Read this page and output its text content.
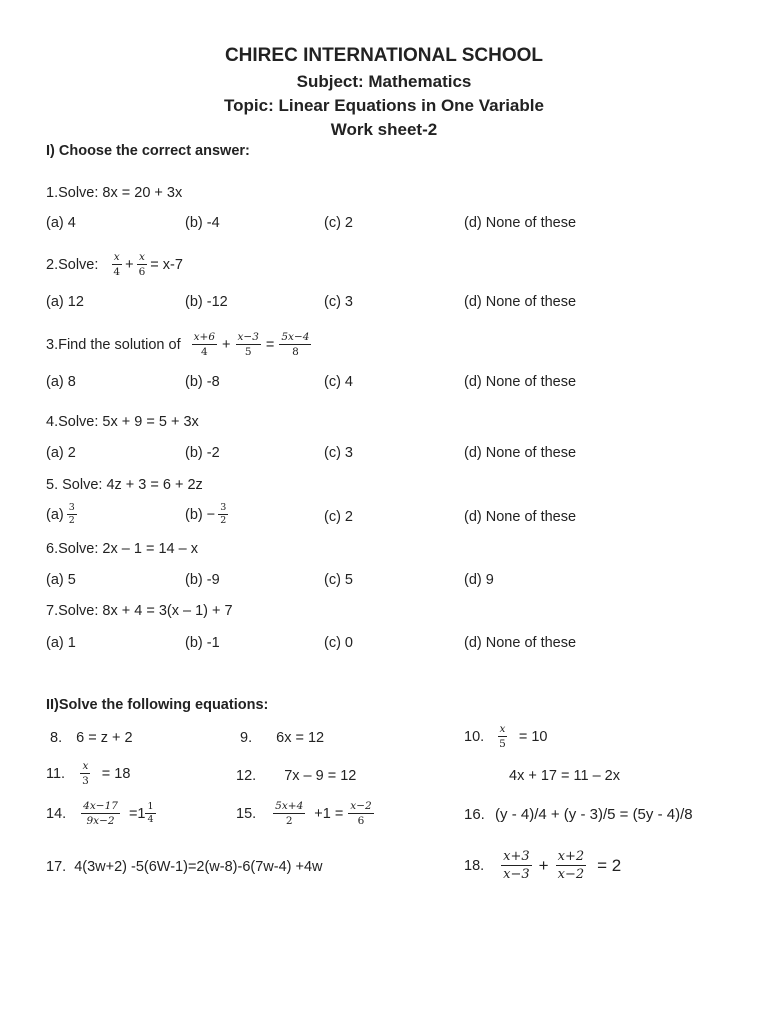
CHIREC INTERNATIONAL SCHOOL
Subject: Mathematics
Topic: Linear Equations in One Variable
Work sheet-2
I) Choose the correct answer:
1.Solve: 8x = 20 + 3x
(a) 4	(b) -4	(c) 2	(d) None of these
2.Solve: $\frac{x}{4} + \frac{x}{6} = x-7$
(a) 12	(b) -12	(c) 3	(d) None of these
3.Find the solution of $\frac{x+6}{4} + \frac{x-3}{5} = \frac{5x-4}{8}$
(a) 8	(b) -8	(c) 4	(d) None of these
4.Solve: 5x + 9 = 5 + 3x
(a) 2	(b) -2	(c) 3	(d) None of these
5. Solve: 4z + 3 = 6 + 2z
$(a) \frac{3}{2}$	$(b) - \frac{3}{2}$	(c) 2	(d) None of these
6.Solve: 2x – 1 = 14 – x
(a) 5	(b) -9	(c) 5	(d) 9
7.Solve: 8x + 4 = 3(x – 1) + 7
(a) 1	(b) -1	(c) 0	(d) None of these
II)Solve the following equations:
8. 6 = z + 2	9. 6x = 12	10. $\frac{x}{5} = 10$
11. $\frac{x}{3} = 18$	12. 7x – 9 = 12	4x + 17 = 11 – 2x
14. $\frac{4x-17}{9x-2} =1 \frac{1}{4}$	15. $\frac{5x+4}{2} +1 = \frac{x-2}{6}$	16. (y - 4)/4 + (y - 3)/5 = (5y - 4)/8
17. 4(3w+2) -5(6W-1)=2(w-8)-6(7w-4) +4w	18. $\frac{x+3}{x-3} + \frac{x+2}{x-2} = 2$
